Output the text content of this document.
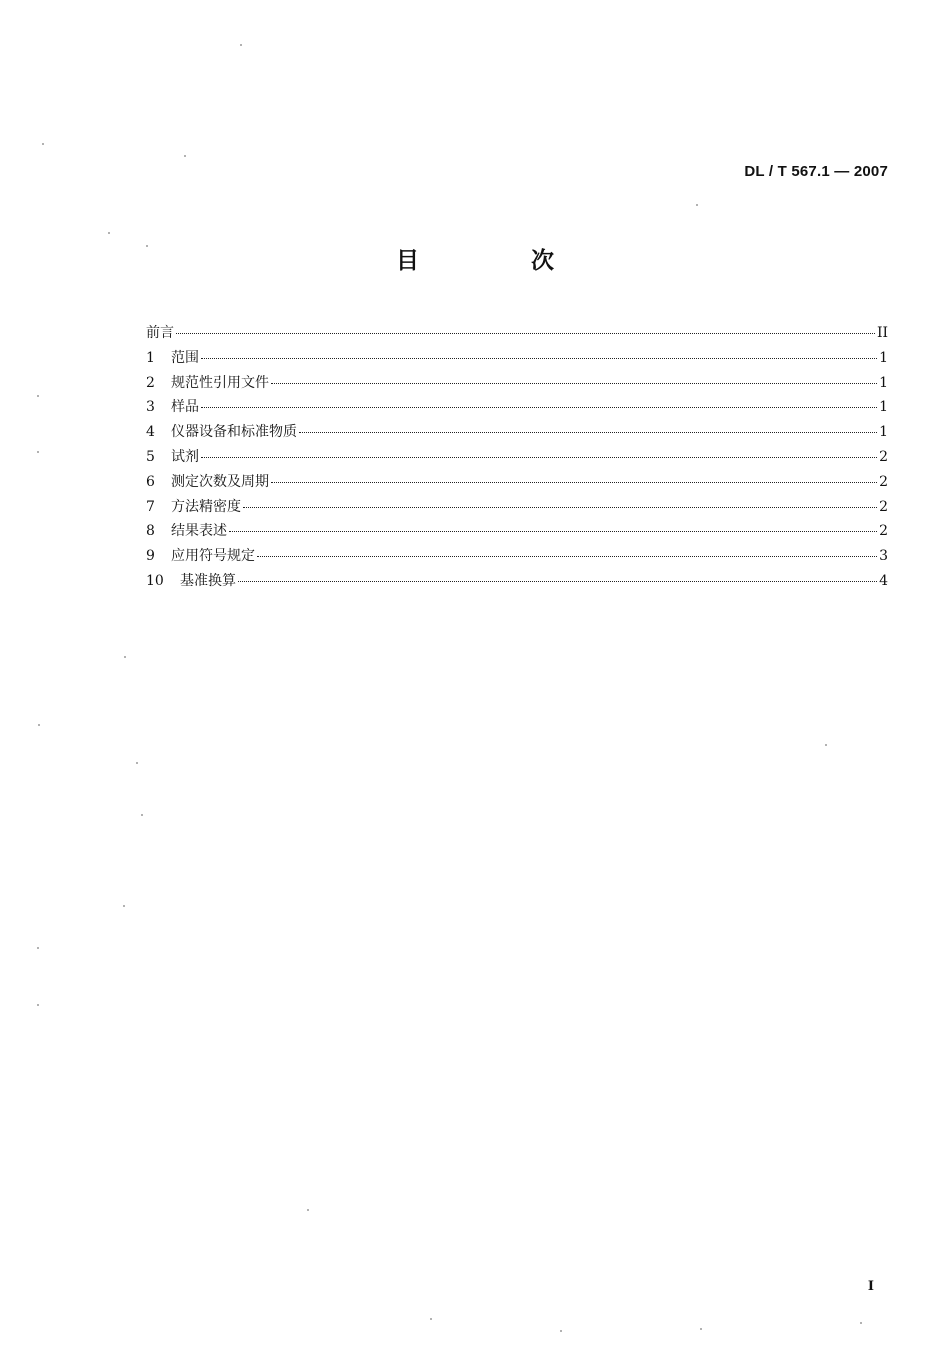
DL / T 567.1 — 2007
目 次
前言	II
1	范围	1
2	规范性引用文件	1
3	样品	1
4	仪器设备和标准物质	1
5	试剂	2
6	测定次数及周期	2
7	方法精密度	2
8	结果表述	2
9	应用符号规定	3
10	基准换算	4
I
